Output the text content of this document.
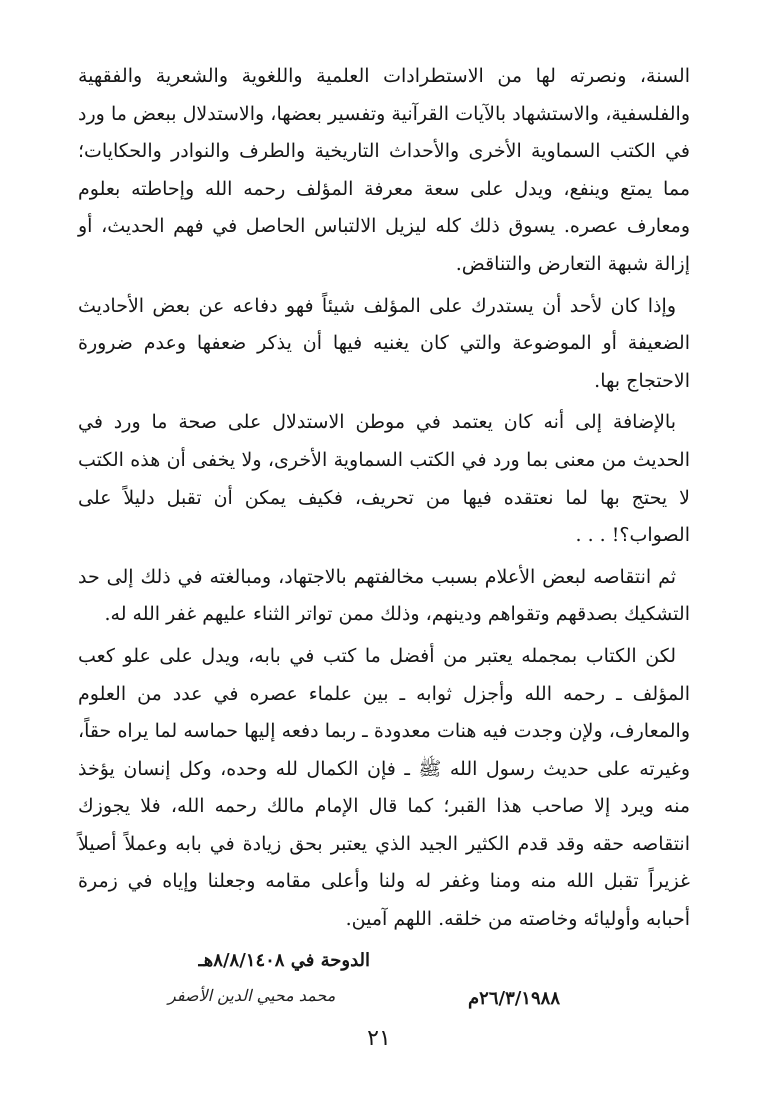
السنة، ونصرته لها من الاستطرادات العلمية واللغوية والشعرية والفقهية والفلسفية، والاستشهاد بالآيات القرآنية وتفسير بعضها، والاستدلال ببعض ما ورد في الكتب السماوية الأخرى والأحداث التاريخية والطرف والنوادر والحكايات؛ مما يمتع وينفع، ويدل على سعة معرفة المؤلف رحمه الله وإحاطته بعلوم ومعارف عصره. يسوق ذلك كله ليزيل الالتباس الحاصل في فهم الحديث، أو إزالة شبهة التعارض والتناقض.

وإذا كان لأحد أن يستدرك على المؤلف شيئاً فهو دفاعه عن بعض الأحاديث الضعيفة أو الموضوعة والتي كان يغنيه فيها أن يذكر ضعفها وعدم ضرورة الاحتجاج بها.

بالإضافة إلى أنه كان يعتمد في موطن الاستدلال على صحة ما ورد في الحديث من معنى بما ورد في الكتب السماوية الأخرى، ولا يخفى أن هذه الكتب لا يحتج بها لما نعتقده فيها من تحريف، فكيف يمكن أن تقبل دليلاً على الصواب؟! . . .

ثم انتقاصه لبعض الأعلام بسبب مخالفتهم بالاجتهاد، ومبالغته في ذلك إلى حد التشكيك بصدقهم وتقواهم ودينهم، وذلك ممن تواتر الثناء عليهم غفر الله له.

لكن الكتاب بمجمله يعتبر من أفضل ما كتب في بابه، ويدل على علو كعب المؤلف ـ رحمه الله وأجزل ثوابه ـ بين علماء عصره في عدد من العلوم والمعارف، ولإن وجدت فيه هنات معدودة ـ ربما دفعه إليها حماسه لما يراه حقاً، وغيرته على حديث رسول الله ﷺ ـ فإن الكمال لله وحده، وكل إنسان يؤخذ منه ويرد إلا صاحب هذا القبر؛ كما قال الإمام مالك رحمه الله، فلا يجوزك انتقاصه حقه وقد قدم الكثير الجيد الذي يعتبر بحق زيادة في بابه وعملاً أصيلاً غزيراً تقبل الله منه ومنا وغفر له ولنا وأعلى مقامه وجعلنا وإياه في زمرة أحبابه وأوليائه وخاصته من خلقه. اللهم آمين.

الدوحة في ٨/٨/١٤٠٨هـ
٢٦/٣/١٩٨٨م
محمد محيي الدين الأصفر
٢١
